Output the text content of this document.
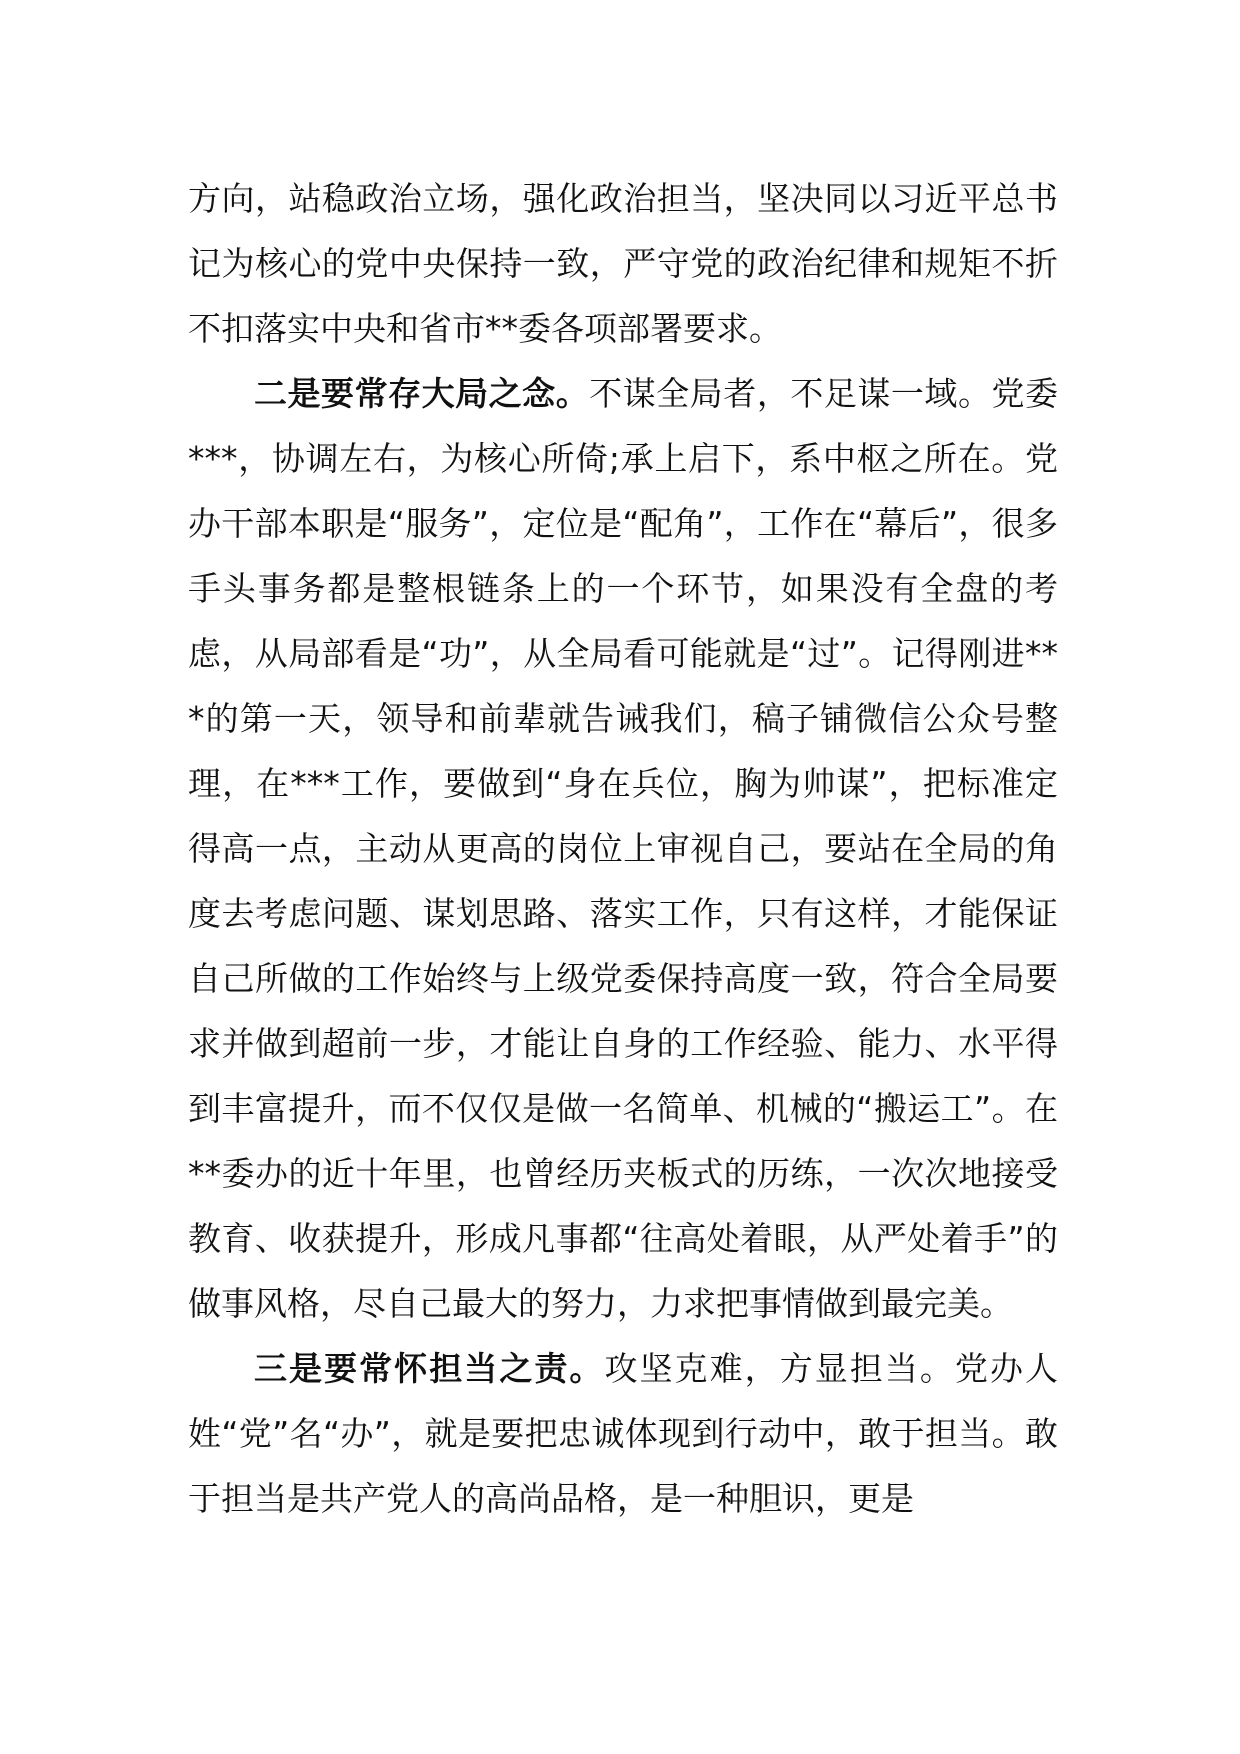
方向，站稳政治立场，强化政治担当，坚决同以习近平总书记为核心的党中央保持一致，严守党的政治纪律和规矩不折不扣落实中央和省市**委各项部署要求。

二是要常存大局之念。不谋全局者，不足谋一域。党委***，协调左右，为核心所倚;承上启下，系中枢之所在。党办干部本职是“服务”，定位是“配角”，工作在“幕后”，很多手头事务都是整根链条上的一个环节，如果没有全盘的考虑，从局部看是“功”，从全局看可能就是“过”。记得刚进***的第一天，领导和前辈就告诫我们，稿子铺微信公众号整理，在***工作，要做到“身在兵位，胸为帅谋”，把标准定得高一点，主动从更高的岗位上审视自己，要站在全局的角度去考虑问题、谋划思路、落实工作，只有这样，才能保证自己所做的工作始终与上级党委保持高度一致，符合全局要求并做到超前一步，才能让自身的工作经验、能力、水平得到丰富提升，而不仅仅是做一名简单、机械的“搬运工”。在**委办的近十年里，也曾经历夹板式的历练，一次次地接受教育、收获提升，形成凡事都“往高处着眼，从严处着手”的做事风格，尽自己最大的努力，力求把事情做到最完美。

三是要常怀担当之责。攻坚克难，方显担当。党办人姓“党”名“办”，就是要把忠诚体现到行动中，敢于担当。敢于担当是共产党人的高尚品格，是一种胆识，更是
